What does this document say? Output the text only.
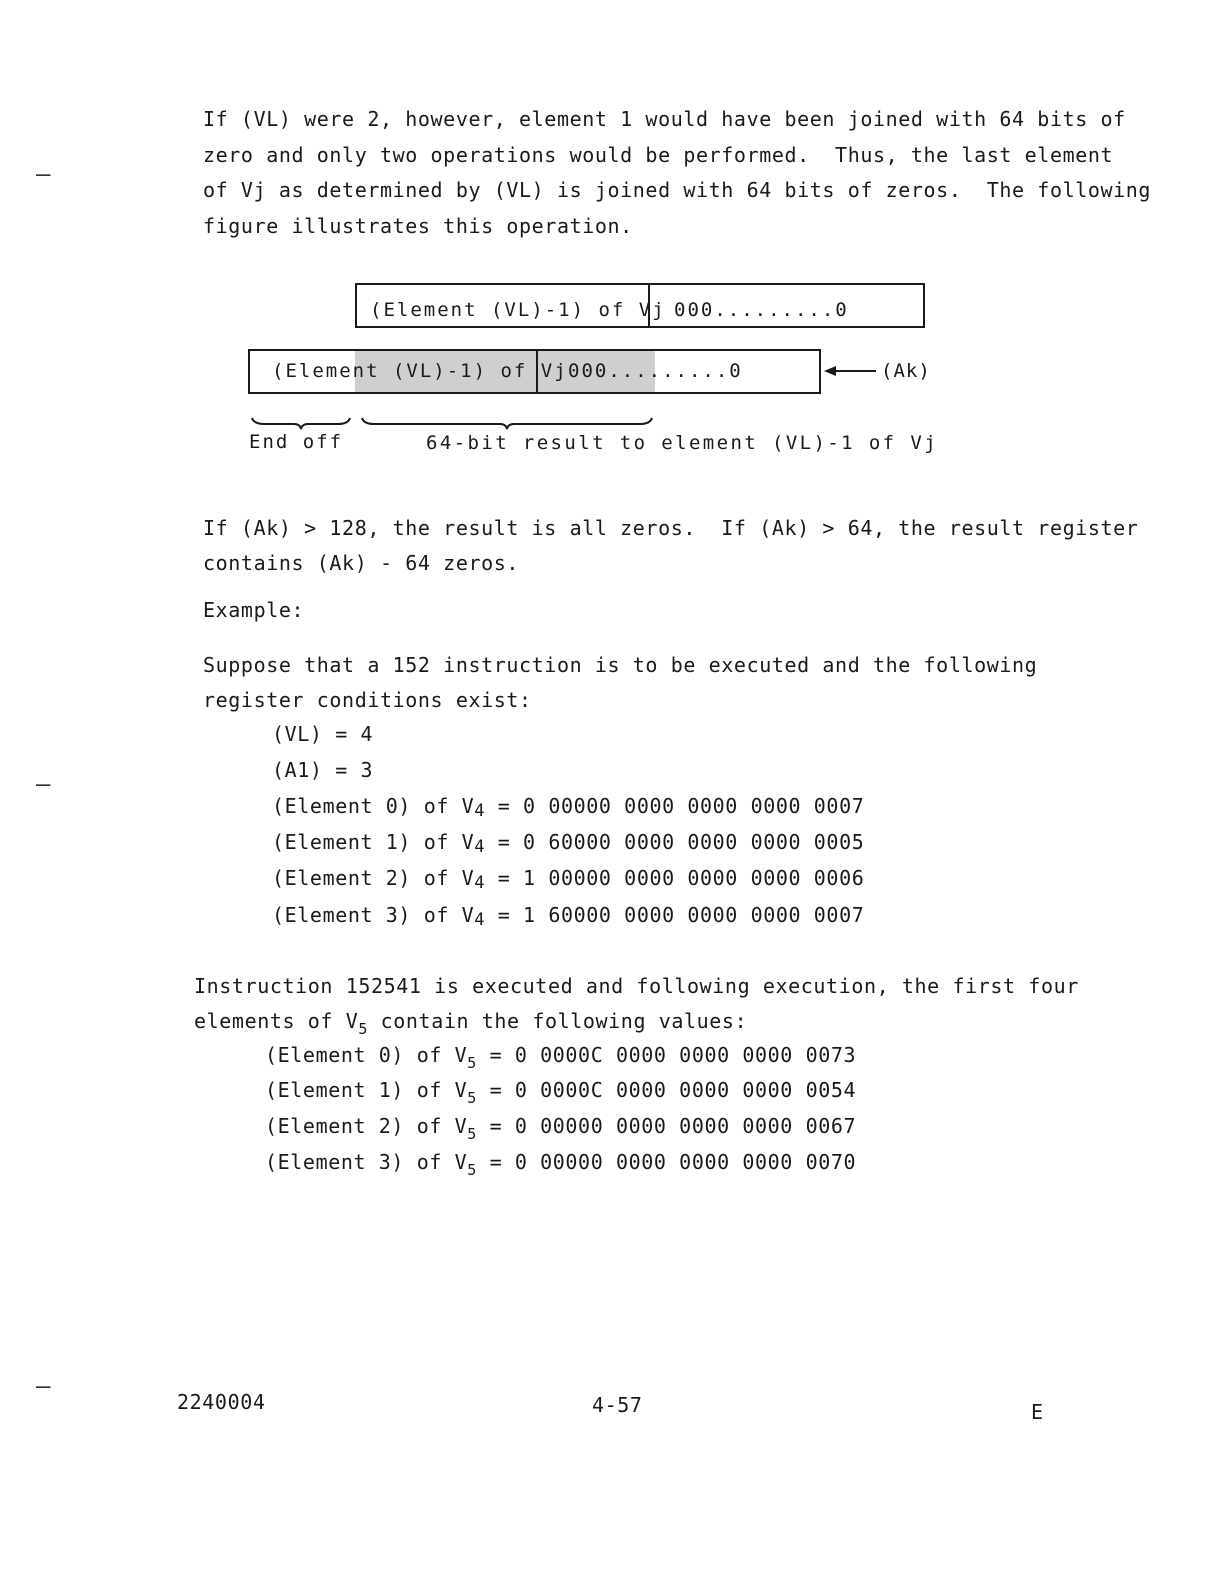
―
―
―
If (VL) were 2, however, element 1 would have been joined with 64 bits of
zero and only two operations would be performed.  Thus, the last element
of Vj as determined by (VL) is joined with 64 bits of zeros.  The following
figure illustrates this operation.
(Element (VL)-1) of Vj 000.........0
(Element (VL)-1) of Vj 000.........0	(Ak)
End off	64-bit result to element (VL)-1 of Vj
If (Ak) > 128, the result is all zeros.  If (Ak) > 64, the result register
contains (Ak) - 64 zeros.
Example:
Suppose that a 152 instruction is to be executed and the following
register conditions exist:
(VL) = 4
(A1) = 3
(Element 0) of V4 = 0 00000 0000 0000 0000 0007
(Element 1) of V4 = 0 60000 0000 0000 0000 0005
(Element 2) of V4 = 1 00000 0000 0000 0000 0006
(Element 3) of V4 = 1 60000 0000 0000 0000 0007
Instruction 152541 is executed and following execution, the first four
elements of $V_5$ contain the following values:
(Element 0) of $V_5 = 0$ 0000C 0000 0000 0000 0073
(Element 1) of $V_5 = 0$ 0000C 0000 0000 0000 0054
(Element 2) of $V_5 = 0$ 00000 0000 0000 0000 0067
(Element 3) of $V_5 = 0$ 00000 0000 0000 0000 0070
2240004	4-57	E
